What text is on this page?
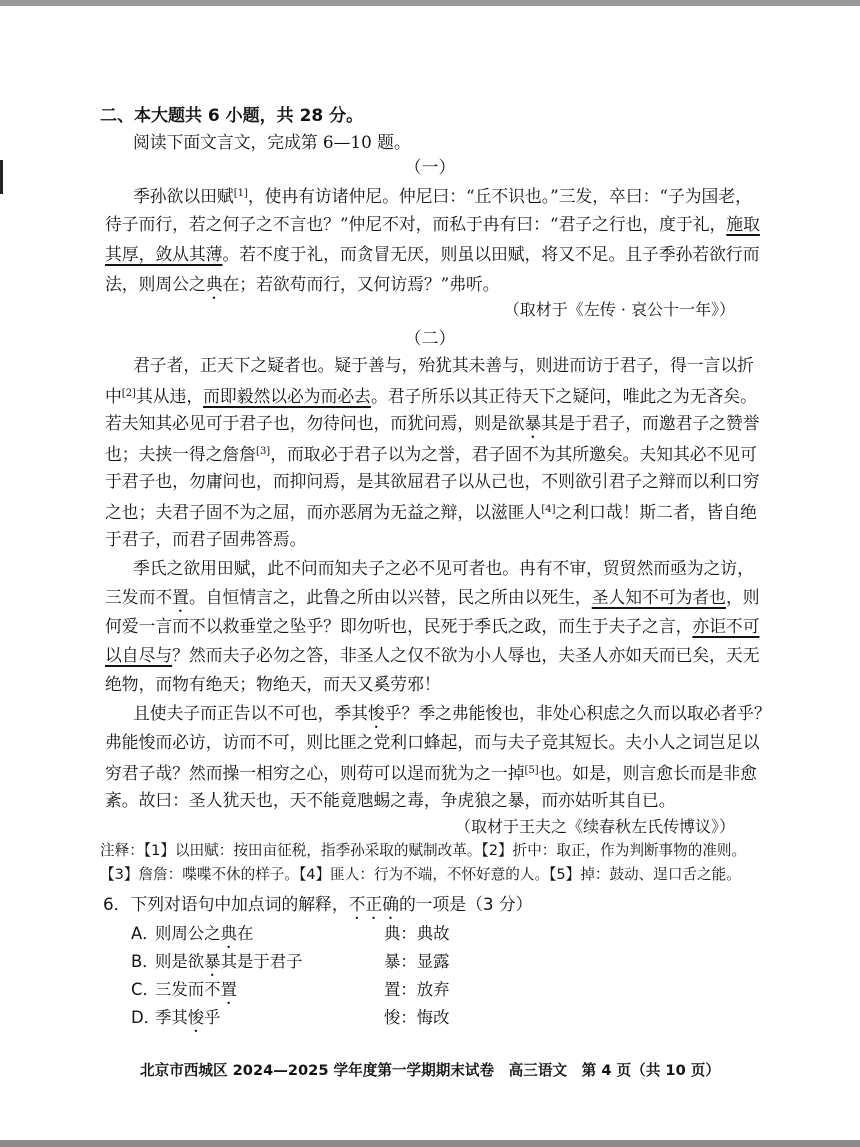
二、本大题共 6 小题，共 28 分。
阅读下面文言文，完成第 6—10 题。
（一）
季孙欲以田赋[1]，使冉有访诸仲尼。仲尼曰：“丘不识也。”三发，卒曰：“子为国老，
待子而行，若之何子之不言也？”仲尼不对，而私于冉有曰：“君子之行也，度于礼，施取
其厚，敛从其薄。若不度于礼，而贪冒无厌，则虽以田赋，将又不足。且子季孙若欲行而
法，则周公之典在；若欲苟而行，又何访焉？”弗听。
（取材于《左传 · 哀公十一年》）
（二）
君子者，正天下之疑者也。疑于善与，殆犹其未善与，则进而访于君子，得一言以折
中[2]其从违，而即毅然以必为而必去。君子所乐以其正待天下之疑问，唯此之为无吝矣。
若夫知其必见可于君子也，勿待问也，而犹问焉，则是欲暴其是于君子，而邀君子之赞誉
也；夫挟一得之詹詹[3]，而取必于君子以为之誉，君子固不为其所邀矣。夫知其必不见可
于君子也，勿庸问也，而抑问焉，是其欲屈君子以从己也，不则欲引君子之辩而以利口穷
之也；夫君子固不为之屈，而亦恶屑为无益之辩，以滋匪人[4]之利口哉！斯二者，皆自绝
于君子，而君子固弗答焉。
季氏之欲用田赋，此不问而知夫子之必不见可者也。冉有不审，贸贸然而亟为之访，
三发而不置。自恒情言之，此鲁之所由以兴替，民之所由以死生，圣人知不可为者也，则
何爱一言而不以救垂堂之坠乎？即勿听也，民死于季氏之政，而生于夫子之言，亦讵不可
以自尽与？然而夫子必勿之答，非圣人之仅不欲为小人辱也，夫圣人亦如天而已矣，天无
绝物，而物有绝天；物绝天，而天又奚劳邪！
且使夫子而正告以不可也，季其悛乎？季之弗能悛也，非处心积虑之久而以取必者乎？
弗能悛而必访，访而不可，则比匪之党利口蜂起，而与夫子竞其短长。夫小人之词岂足以
穷君子哉？然而操一相穷之心，则苟可以逞而犹为之一掉[5]也。如是，则言愈长而是非愈
紊。故曰：圣人犹天也，天不能竟虺蜴之毒，争虎狼之暴，而亦姑听其自已。
（取材于王夫之《续春秋左氏传博议》）
注释：【1】以田赋：按田亩征税，指季孙采取的赋制改革。【2】折中：取正，作为判断事物的准则。
【3】詹詹：喋喋不休的样子。【4】匪人：行为不端，不怀好意的人。【5】掉：鼓动、逞口舌之能。
6．下列对语句中加点词的解释，不正确的一项是（3 分）
A．则周公之典在	典：典故
B．则是欲暴其是于君子	暴：显露
C．三发而不置	置：放弃
D．季其悛乎	悛：悔改
北京市西城区 2024—2025 学年度第一学期期末试卷　高三语文　第 4 页（共 10 页）
